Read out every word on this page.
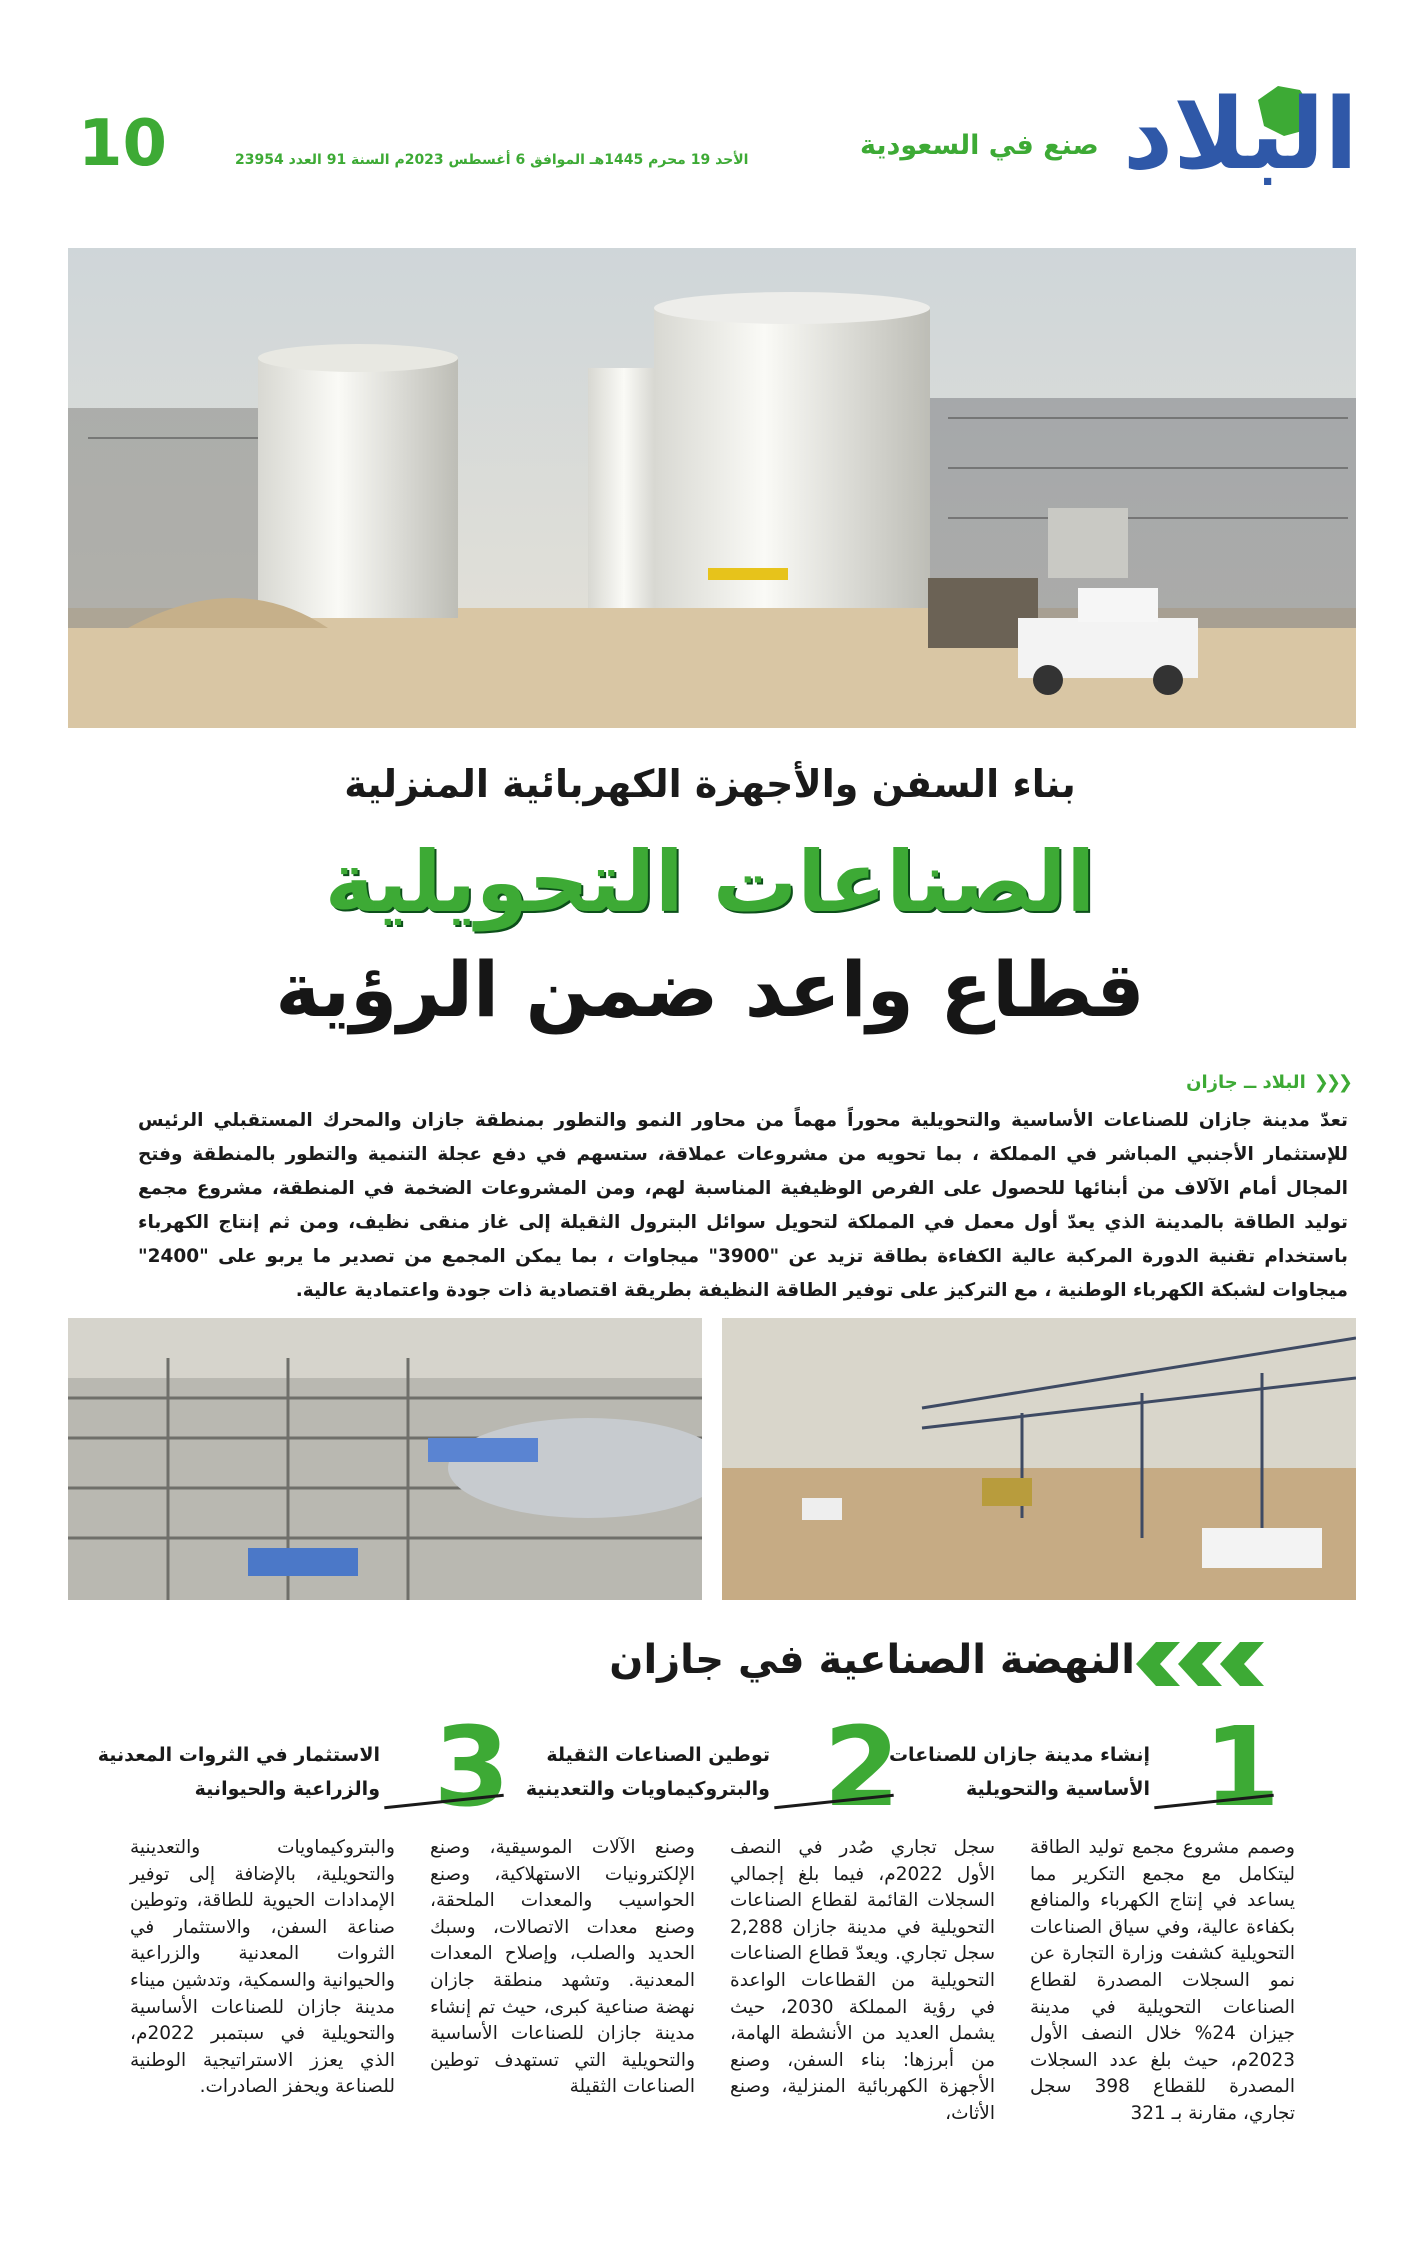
10	الأحد 19 محرم 1445هـ الموافق 6 أغسطس 2023م السنة 91 العدد 23954	صنع في السعودية البلاد
بناء السفن والأجهزة الكهربائية المنزلية
الصناعات التحويلية
قطاع واعد ضمن الرؤية
❮❮❮
البلاد ــ جازان
تعدّ مدينة جازان للصناعات الأساسية والتحويلية محوراً مهماً من محاور النمو والتطور بمنطقة جازان والمحرك المستقبلي الرئيس للإستثمار الأجنبي المباشر في المملكة ، بما تحويه من مشروعات عملاقة، ستسهم في دفع عجلة التنمية والتطور بالمنطقة وفتح المجال أمام الآلاف من أبنائها للحصول على الفرص الوظيفية المناسبة لهم، ومن المشروعات الضخمة في المنطقة، مشروع مجمع توليد الطاقة بالمدينة الذي يعدّ أول معمل في المملكة لتحويل سوائل البترول الثقيلة إلى غاز منقى نظيف، ومن ثم إنتاج الكهرباء باستخدام تقنية الدورة المركبة عالية الكفاءة بطاقة تزيد عن "3900" ميجاوات ، بما يمكن المجمع من تصدير ما يربو على "2400" ميجاوات لشبكة الكهرباء الوطنية ، مع التركيز على توفير الطاقة النظيفة بطريقة اقتصادية ذات جودة واعتمادية عالية.
النهضة الصناعية في جازان
1
إنشاء مدينة جازان للصناعات الأساسية والتحويلية
2
توطين الصناعات الثقيلة والبتروكيماويات والتعدينية
3
الاستثمار في الثروات المعدنية والزراعية والحيوانية
وصمم مشروع مجمع توليد الطاقة ليتكامل مع مجمع التكرير مما يساعد في إنتاج الكهرباء والمنافع بكفاءة عالية، وفي سياق الصناعات التحويلية كشفت وزارة التجارة عن نمو السجلات المصدرة لقطاع الصناعات التحويلية في مدينة جيزان 24% خلال النصف الأول 2023م، حيث بلغ عدد السجلات المصدرة للقطاع 398 سجل تجاري، مقارنة بـ 321
سجل تجاري صُدر في النصف الأول 2022م، فيما بلغ إجمالي السجلات القائمة لقطاع الصناعات التحويلية في مدينة جازان 2,288 سجل تجاري. ويعدّ قطاع الصناعات التحويلية من القطاعات الواعدة في رؤية المملكة 2030، حيث يشمل العديد من الأنشطة الهامة، من أبرزها: بناء السفن، وصنع الأجهزة الكهربائية المنزلية، وصنع الأثاث،
وصنع الآلات الموسيقية، وصنع الإلكترونيات الاستهلاكية، وصنع الحواسيب والمعدات الملحقة، وصنع معدات الاتصالات، وسبك الحديد والصلب، وإصلاح المعدات المعدنية. وتشهد منطقة جازان نهضة صناعية كبرى، حيث تم إنشاء مدينة جازان للصناعات الأساسية والتحويلية التي تستهدف توطين الصناعات الثقيلة
والبتروكيماويات والتعدينية والتحويلية، بالإضافة إلى توفير الإمدادات الحيوية للطاقة، وتوطين صناعة السفن، والاستثمار في الثروات المعدنية والزراعية والحيوانية والسمكية، وتدشين ميناء مدينة جازان للصناعات الأساسية والتحويلية في سبتمبر 2022م، الذي يعزز الاستراتيجية الوطنية للصناعة ويحفز الصادرات.
